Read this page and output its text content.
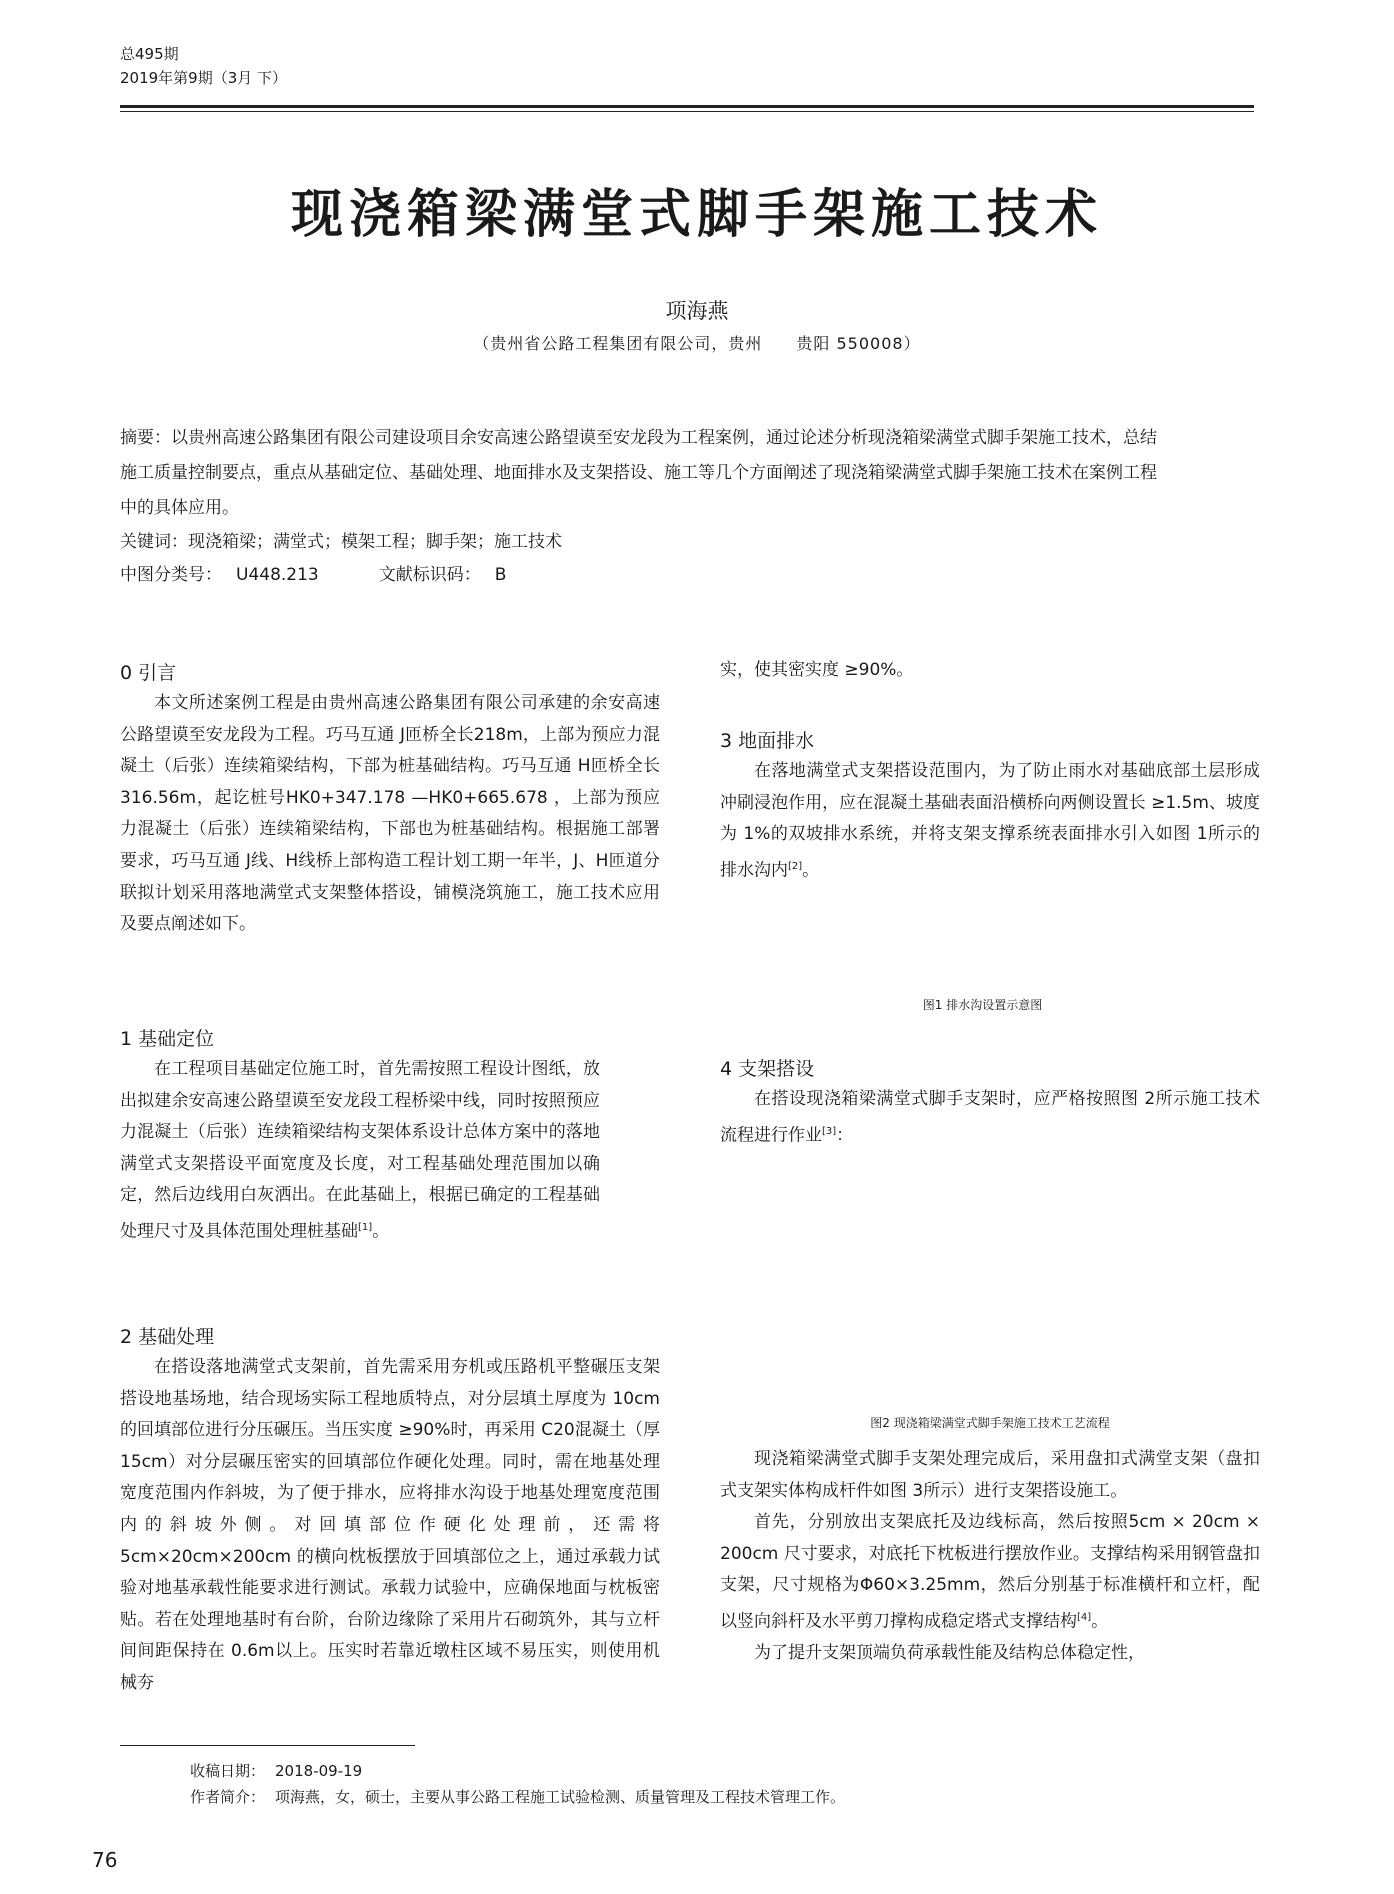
总495期
2019年第9期（3月 下）
现浇箱梁满堂式脚手架施工技术
项海燕
（贵州省公路工程集团有限公司，贵州　　贵阳 550008）

摘要：以贵州高速公路集团有限公司建设项目余安高速公路望谟至安龙段为工程案例，通过论述分析现浇箱梁满堂式脚手架施工技术，总结施工质量控制要点，重点从基础定位、基础处理、地面排水及支架搭设、施工等几个方面阐述了现浇箱梁满堂式脚手架施工技术在案例工程中的具体应用。

关键词：现浇箱梁；满堂式；模架工程；脚手架；施工技术

中图分类号： U448.213	文献标识码： B

0 引言

本文所述案例工程是由贵州高速公路集团有限公司承建的余安高速公路望谟至安龙段为工程。巧马互通 J匝桥全长218m，上部为预应力混凝土（后张）连续箱梁结构，下部为桩基础结构。巧马互通 H匝桥全长 316.56m，起讫桩号HK0+347.178 —HK0+665.678 ，上部为预应力混凝土（后张）连续箱梁结构，下部也为桩基础结构。根据施工部署要求，巧马互通 J线、H线桥上部构造工程计划工期一年半，J、H匝道分联拟计划采用落地满堂式支架整体搭设，铺模浇筑施工，施工技术应用及要点阐述如下。

1 基础定位

在工程项目基础定位施工时，首先需按照工程设计图纸，放出拟建余安高速公路望谟至安龙段工程桥梁中线，同时按照预应力混凝土（后张）连续箱梁结构支架体系设计总体方案中的落地满堂式支架搭设平面宽度及长度，对工程基础处理范围加以确定，然后边线用白灰洒出。在此基础上，根据已确定的工程基础处理尺寸及具体范围处理桩基础[1]。

2 基础处理

在搭设落地满堂式支架前，首先需采用夯机或压路机平整碾压支架搭设地基场地，结合现场实际工程地质特点，对分层填土厚度为 10cm的回填部位进行分压碾压。当压实度 ≥90%时，再采用 C20混凝土（厚 15cm）对分层碾压密实的回填部位作硬化处理。同时，需在地基处理宽度范围内作斜坡，为了便于排水，应将排水沟设于地基处理宽度范围内的斜坡外侧。对回填部位作硬化处理前，还需将5cm×20cm×200cm 的横向枕板摆放于回填部位之上，通过承载力试验对地基承载性能要求进行测试。承载力试验中，应确保地面与枕板密贴。若在处理地基时有台阶，台阶边缘除了采用片石砌筑外，其与立杆间间距保持在 0.6m以上。压实时若靠近墩柱区域不易压实，则使用机械夯

实，使其密实度 ≥90%。

3 地面排水

在落地满堂式支架搭设范围内，为了防止雨水对基础底部土层形成冲刷浸泡作用，应在混凝土基础表面沿横桥向两侧设置长 ≥1.5m、坡度为 1%的双坡排水系统，并将支架支撑系统表面排水引入如图 1所示的排水沟内[2]。

图1 排水沟设置示意图
4 支架搭设

在搭设现浇箱梁满堂式脚手支架时，应严格按照图 2所示施工技术流程进行作业[3]：

图2 现浇箱梁满堂式脚手架施工技术工艺流程

现浇箱梁满堂式脚手支架处理完成后，采用盘扣式满堂支架（盘扣式支架实体构成杆件如图 3所示）进行支架搭设施工。

首先，分别放出支架底托及边线标高，然后按照5cm × 20cm × 200cm 尺寸要求，对底托下枕板进行摆放作业。支撑结构采用钢管盘扣支架，尺寸规格为Φ60×3.25mm，然后分别基于标准横杆和立杆，配以竖向斜杆及水平剪刀撑构成稳定塔式支撑结构[4]。

为了提升支架顶端负荷承载性能及结构总体稳定性，

收稿日期： 2018-09-19
作者简介： 项海燕，女，硕士，主要从事公路工程施工试验检测、质量管理及工程技术管理工作。
76
